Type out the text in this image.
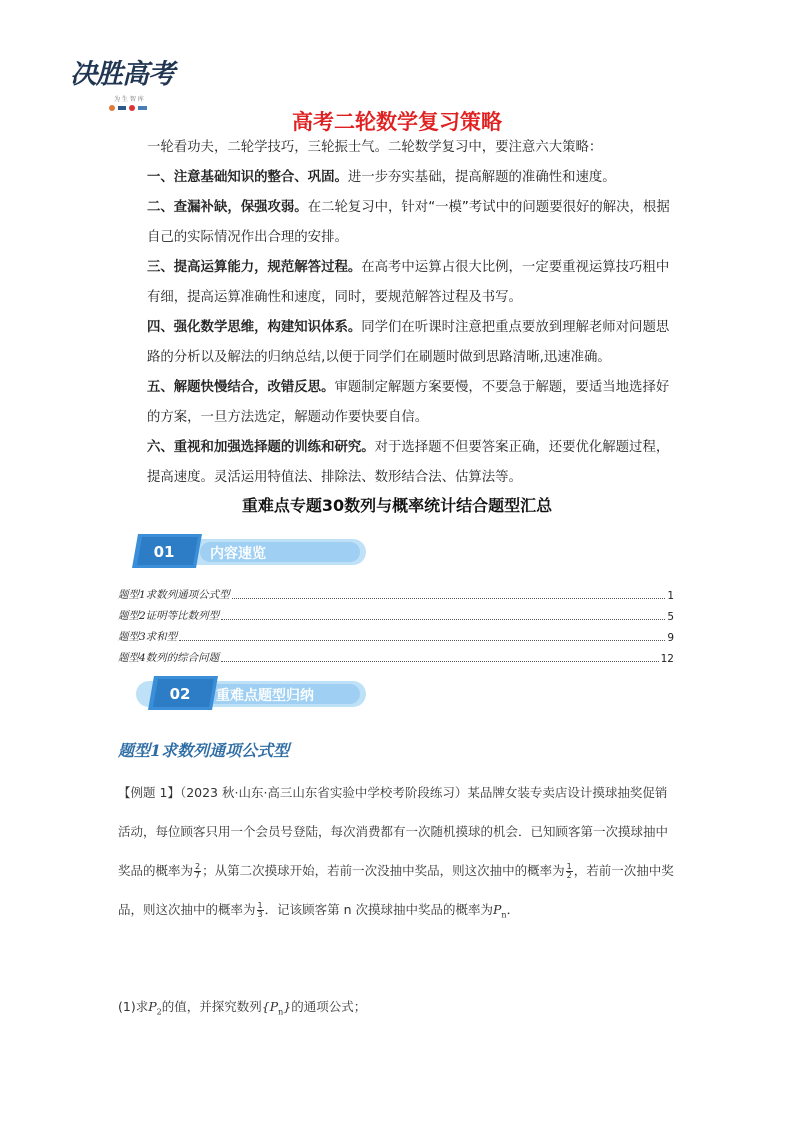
决胜高考
为 生 智 库
高考二轮数学复习策略

一轮看功夫，二轮学技巧，三轮振士气。二轮数学复习中，要注意六大策略：

一、注意基础知识的整合、巩固。进一步夯实基础，提高解题的准确性和速度。

二、查漏补缺，保强攻弱。在二轮复习中，针对“一模”考试中的问题要很好的解决，根据自己的实际情况作出合理的安排。

三、提高运算能力，规范解答过程。在高考中运算占很大比例，一定要重视运算技巧粗中有细，提高运算准确性和速度，同时，要规范解答过程及书写。

四、强化数学思维，构建知识体系。同学们在听课时注意把重点要放到理解老师对问题思路的分析以及解法的归纳总结,以便于同学们在刷题时做到思路清晰,迅速准确。

五、解题快慢结合，改错反思。审题制定解题方案要慢，不要急于解题，要适当地选择好的方案，一旦方法选定，解题动作要快要自信。

六、重视和加强选择题的训练和研究。对于选择题不但要答案正确，还要优化解题过程，提高速度。灵活运用特值法、排除法、数形结合法、估算法等。

重难点专题30数列与概率统计结合题型汇总
01	内容速览
题型1求数列通项公式型	1
题型2证明等比数列型	5
题型3求和型	9
题型4数列的综合问题	12
02 重难点题型归纳
题型1求数列通项公式型
【例题 1】（2023 秋·山东·高三山东省实验中学校考阶段练习）某品牌女装专卖店设计摸球抽奖促销活动，每位顾客只用一个会员号登陆，每次消费都有一次随机摸球的机会．已知顾客第一次摸球抽中奖品的概率为 $\frac{2}{7}$ ；从第二次摸球开始，若前一次没抽中奖品，则这次抽中的概率为 $\frac{1}{2}$ ，若前一次抽中奖品，则这次抽中的概率为 $\frac{1}{3}$ ．记该顾客第 n 次摸球抽中奖品的概率为$P_n$．
(1)求$P_2$的值，并探究数列$\{P_n\}$的通项公式；
